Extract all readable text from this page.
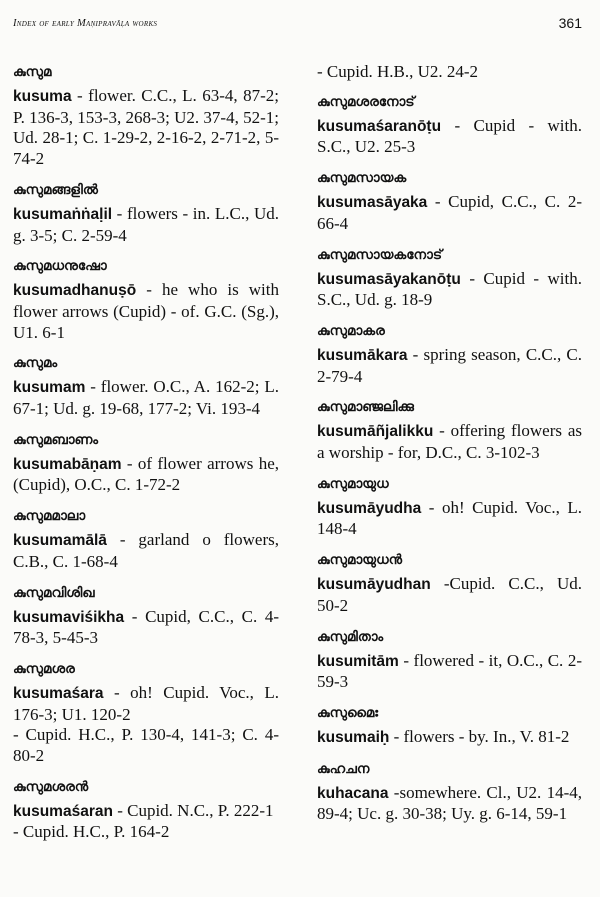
Index of early Maṇipravāḷa works	361
കുസുമ
kusuma - flower. C.C., L. 63-4, 87-2; P. 136-3, 153-3, 268-3; U2. 37-4, 52-1; Ud. 28-1; C. 1-29-2, 2-16-2, 2-71-2, 5-74-2
കുസുമങ്ങളിൽ
kusumaṅṅaḷil - flowers - in. L.C., Ud. g. 3-5; C. 2-59-4
കുസുമധനുഷോ
kusumadhanuṣō - he who is with flower arrows (Cupid) - of. G.C. (Sg.), U1. 6-1
കുസുമം
kusumam - flower. O.C., A. 162-2; L. 67-1; Ud. g. 19-68, 177-2; Vi. 193-4
കുസുമബാണം
kusumabāṇam - of flower arrows he, (Cupid), O.C., C. 1-72-2
കുസുമമാലാ
kusumamālā - garland o flowers, C.B., C. 1-68-4
കുസുമവിശിഖ
kusumaviśikha - Cupid, C.C., C. 4-78-3, 5-45-3
കുസുമശര

kusumaśara - oh! Cupid. Voc., L. 176-3; U1. 120-2

- Cupid. H.C., P. 130-4, 141-3; C. 4-80-2

കുസുമശരൻ

kusumaśaran - Cupid. N.C., P. 222-1

- Cupid. H.C., P. 164-2

- Cupid. H.B., U2. 24-2
കുസുമശരനോട്
kusumaśaranōṭu - Cupid - with. S.C., U2. 25-3
കുസുമസായക
kusumasāyaka - Cupid, C.C., C. 2-66-4
കുസുമസായകനോട്
kusumasāyakanōṭu - Cupid - with. S.C., Ud. g. 18-9
കുസുമാകര
kusumākara - spring season, C.C., C. 2-79-4
കുസുമാഞ്ജലിക്കു
kusumāñjalikku - offering flowers as a worship - for, D.C., C. 3-102-3
കുസുമായുധ
kusumāyudha - oh! Cupid. Voc., L. 148-4
കുസുമായുധൻ
kusumāyudhan -Cupid. C.C., Ud. 50-2
കുസുമിതാം
kusumitām - flowered - it, O.C., C. 2-59-3
കുസുമൈഃ
kusumaiḥ - flowers - by. In., V. 81-2
കുഹചന
kuhacana -somewhere. Cl., U2. 14-4, 89-4; Uc. g. 30-38; Uy. g. 6-14, 59-1
